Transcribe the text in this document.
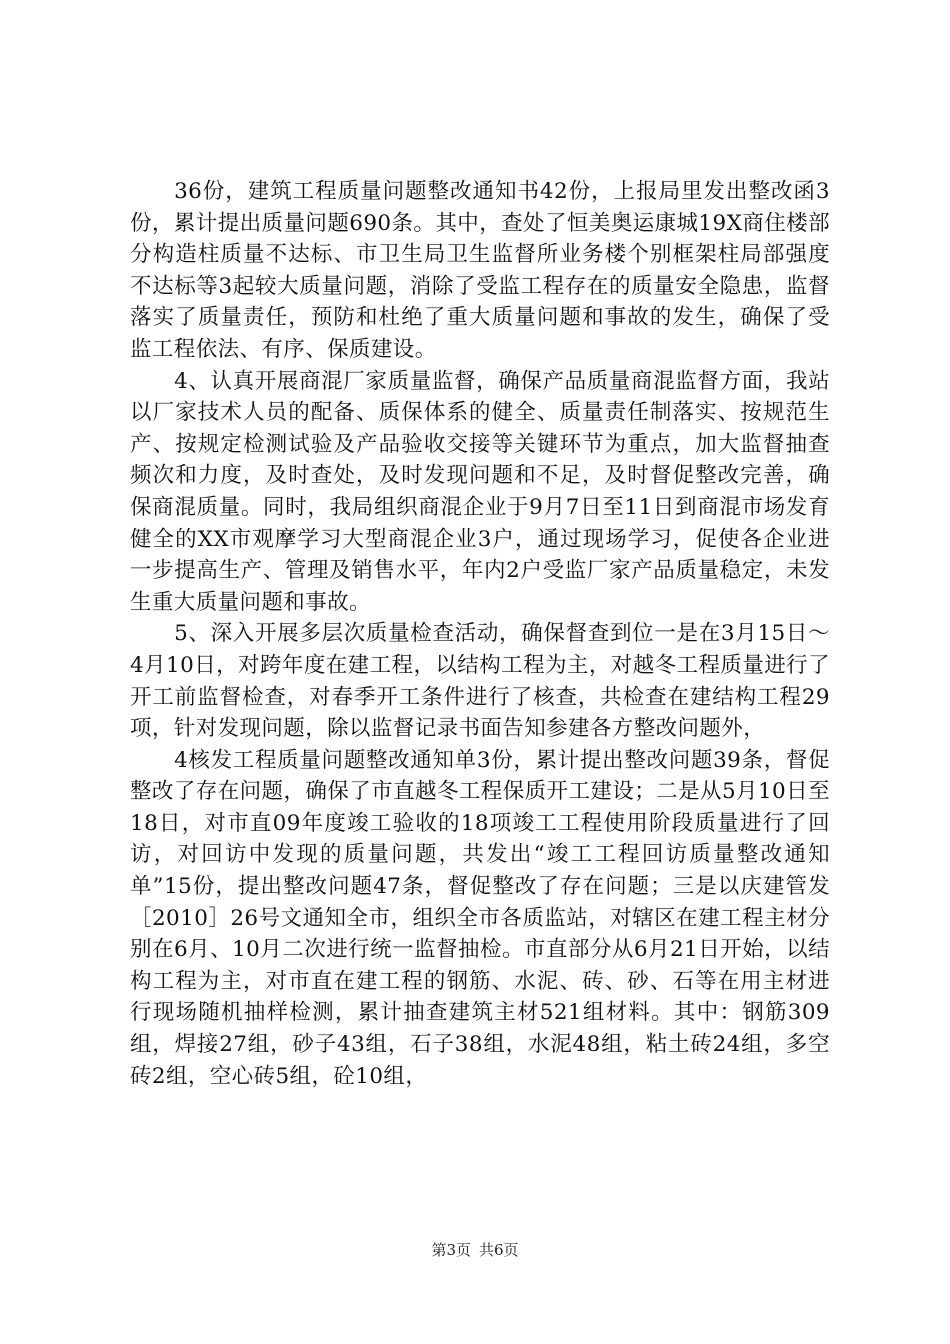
36份，建筑工程质量问题整改通知书42份，上报局里发出整改函3份，累计提出质量问题690条。其中，查处了恒美奥运康城19X商住楼部分构造柱质量不达标、市卫生局卫生监督所业务楼个别框架柱局部强度不达标等3起较大质量问题，消除了受监工程存在的质量安全隐患，监督落实了质量责任，预防和杜绝了重大质量问题和事故的发生，确保了受监工程依法、有序、保质建设。

4、认真开展商混厂家质量监督，确保产品质量商混监督方面，我站以厂家技术人员的配备、质保体系的健全、质量责任制落实、按规范生产、按规定检测试验及产品验收交接等关键环节为重点，加大监督抽查频次和力度，及时查处，及时发现问题和不足，及时督促整改完善，确保商混质量。同时，我局组织商混企业于9月7日至11日到商混市场发育健全的XX市观摩学习大型商混企业3户，通过现场学习，促使各企业进一步提高生产、管理及销售水平，年内2户受监厂家产品质量稳定，未发生重大质量问题和事故。

5、深入开展多层次质量检查活动，确保督查到位一是在3月15日～4月10日，对跨年度在建工程，以结构工程为主，对越冬工程质量进行了开工前监督检查，对春季开工条件进行了核查，共检查在建结构工程29项，针对发现问题，除以监督记录书面告知参建各方整改问题外，

4核发工程质量问题整改通知单3份，累计提出整改问题39条，督促整改了存在问题，确保了市直越冬工程保质开工建设；二是从5月10日至18日，对市直09年度竣工验收的18项竣工工程使用阶段质量进行了回访，对回访中发现的质量问题，共发出“竣工工程回访质量整改通知单”15份，提出整改问题47条，督促整改了存在问题；三是以庆建管发［2010］26号文通知全市，组织全市各质监站，对辖区在建工程主材分别在6月、10月二次进行统一监督抽检。市直部分从6月21日开始，以结构工程为主，对市直在建工程的钢筋、水泥、砖、砂、石等在用主材进行现场随机抽样检测，累计抽查建筑主材521组材料。其中：钢筋309组，焊接27组，砂子43组，石子38组，水泥48组，粘土砖24组，多空砖2组，空心砖5组，砼10组，

第3页 共6页
